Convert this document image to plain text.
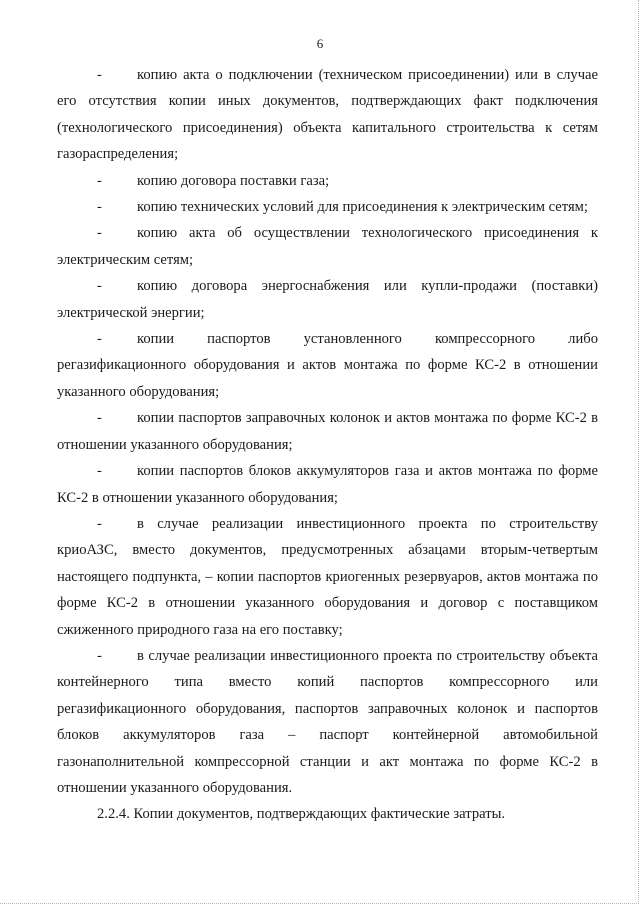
6

- копию акта о подключении (техническом присоединении) или в случае его отсутствия копии иных документов, подтверждающих факт подключения (технологического присоединения) объекта капитального строительства к сетям газораспределения;

- копию договора поставки газа;

- копию технических условий для присоединения к электрическим сетям;

- копию акта об осуществлении технологического присоединения к электрическим сетям;

- копию договора энергоснабжения или купли-продажи (поставки) электрической энергии;

- копии паспортов установленного компрессорного либо регазификационного оборудования и актов монтажа по форме КС-2 в отношении указанного оборудования;

- копии паспортов заправочных колонок и актов монтажа по форме КС-2 в отношении указанного оборудования;

- копии паспортов блоков аккумуляторов газа и актов монтажа по форме КС-2 в отношении указанного оборудования;

- в случае реализации инвестиционного проекта по строительству криоАЗС, вместо документов, предусмотренных абзацами вторым-четвертым настоящего подпункта, – копии паспортов криогенных резервуаров, актов монтажа по форме КС-2 в отношении указанного оборудования и договор с поставщиком сжиженного природного газа на его поставку;

- в случае реализации инвестиционного проекта по строительству объекта контейнерного типа вместо копий паспортов компрессорного или регазификационного оборудования, паспортов заправочных колонок и паспортов блоков аккумуляторов газа – паспорт контейнерной автомобильной газонаполнительной компрессорной станции и акт монтажа по форме КС-2 в отношении указанного оборудования.

2.2.4. Копии документов, подтверждающих фактические затраты.
